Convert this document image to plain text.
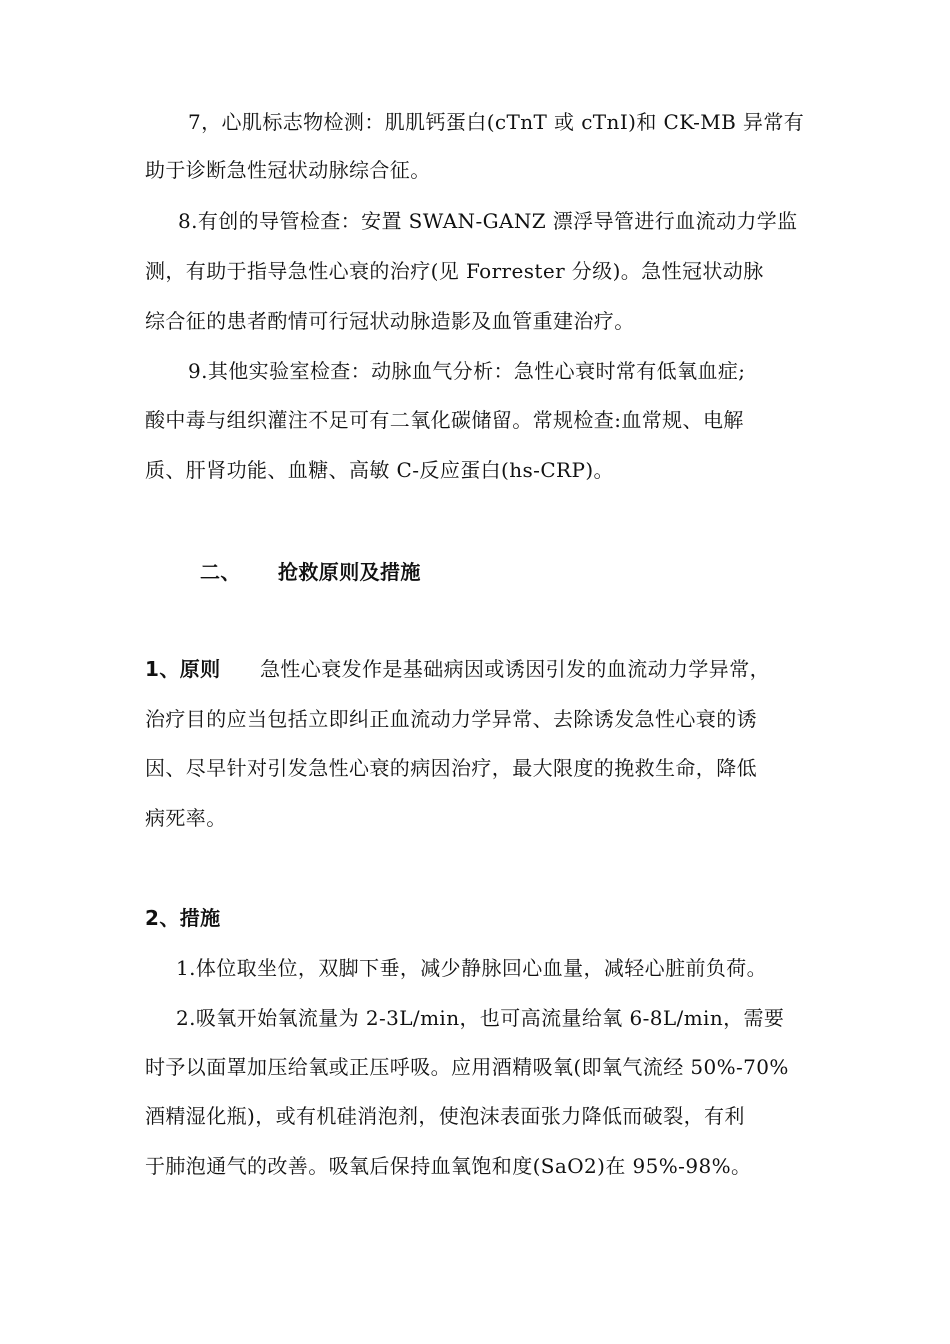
7，心肌标志物检测：肌肌钙蛋白(cTnT 或 cTnI)和 CK-MB 异常有
助于诊断急性冠状动脉综合征。
8.有创的导管检查：安置 SWAN-GANZ 漂浮导管进行血流动力学监
测，有助于指导急性心衰的治疗(见 Forrester 分级)。急性冠状动脉
综合征的患者酌情可行冠状动脉造影及血管重建治疗。
9.其他实验室检查：动脉血气分析：急性心衰时常有低氧血症;
酸中毒与组织灌注不足可有二氧化碳储留。常规检查:血常规、电解
质、肝肾功能、血糖、高敏 C-反应蛋白(hs-CRP)。
二、 抢救原则及措施
1、原则 急性心衰发作是基础病因或诱因引发的血流动力学异常，
治疗目的应当包括立即纠正血流动力学异常、去除诱发急性心衰的诱
因、尽早针对引发急性心衰的病因治疗，最大限度的挽救生命，降低
病死率。
2、措施
1.体位取坐位，双脚下垂，减少静脉回心血量，减轻心脏前负荷。
2.吸氧开始氧流量为 2-3L/min，也可高流量给氧 6-8L/min，需要
时予以面罩加压给氧或正压呼吸。应用酒精吸氧(即氧气流经 50%-70%
酒精湿化瓶)，或有机硅消泡剂，使泡沫表面张力降低而破裂，有利
于肺泡通气的改善。吸氧后保持血氧饱和度(SaO2)在 95%-98%。
